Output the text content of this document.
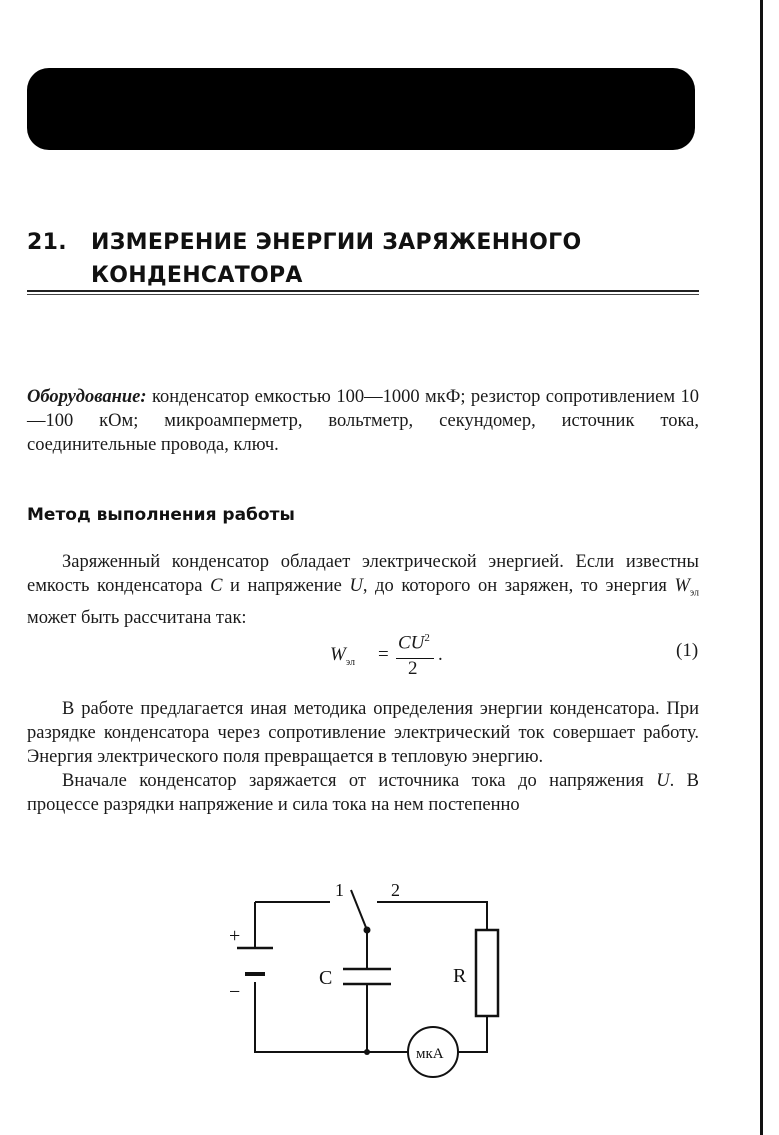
21. ИЗМЕРЕНИЕ ЭНЕРГИИ ЗАРЯЖЕННОГО
КОНДЕНСАТОРА

Оборудование: конденсатор емкостью 100—1000 мкФ; резистор сопротивлением 10—100 кОм; микроамперметр, вольтметр, секундомер, источник тока, соединительные провода, ключ.

Метод выполнения работы

Заряженный конденсатор обладает электрической энергией. Если известны емкость конденсатора C и напряжение U, до которого он заряжен, то энергия $W_{эл}$ может быть рассчитана так:

$W_{эл}$ =
$CU^2$
2
.	(1)

В работе предлагается иная методика определения энергии конденсатора. При разрядке конденсатора через сопротивление электрический ток совершает работу. Энергия электрического поля превращается в тепловую энергию.

Вначале конденсатор заряжается от источника тока до напряжения U. В процессе разрядки напряжение и сила тока на нем постепенно

1	2
+
−
C	R
мкА
